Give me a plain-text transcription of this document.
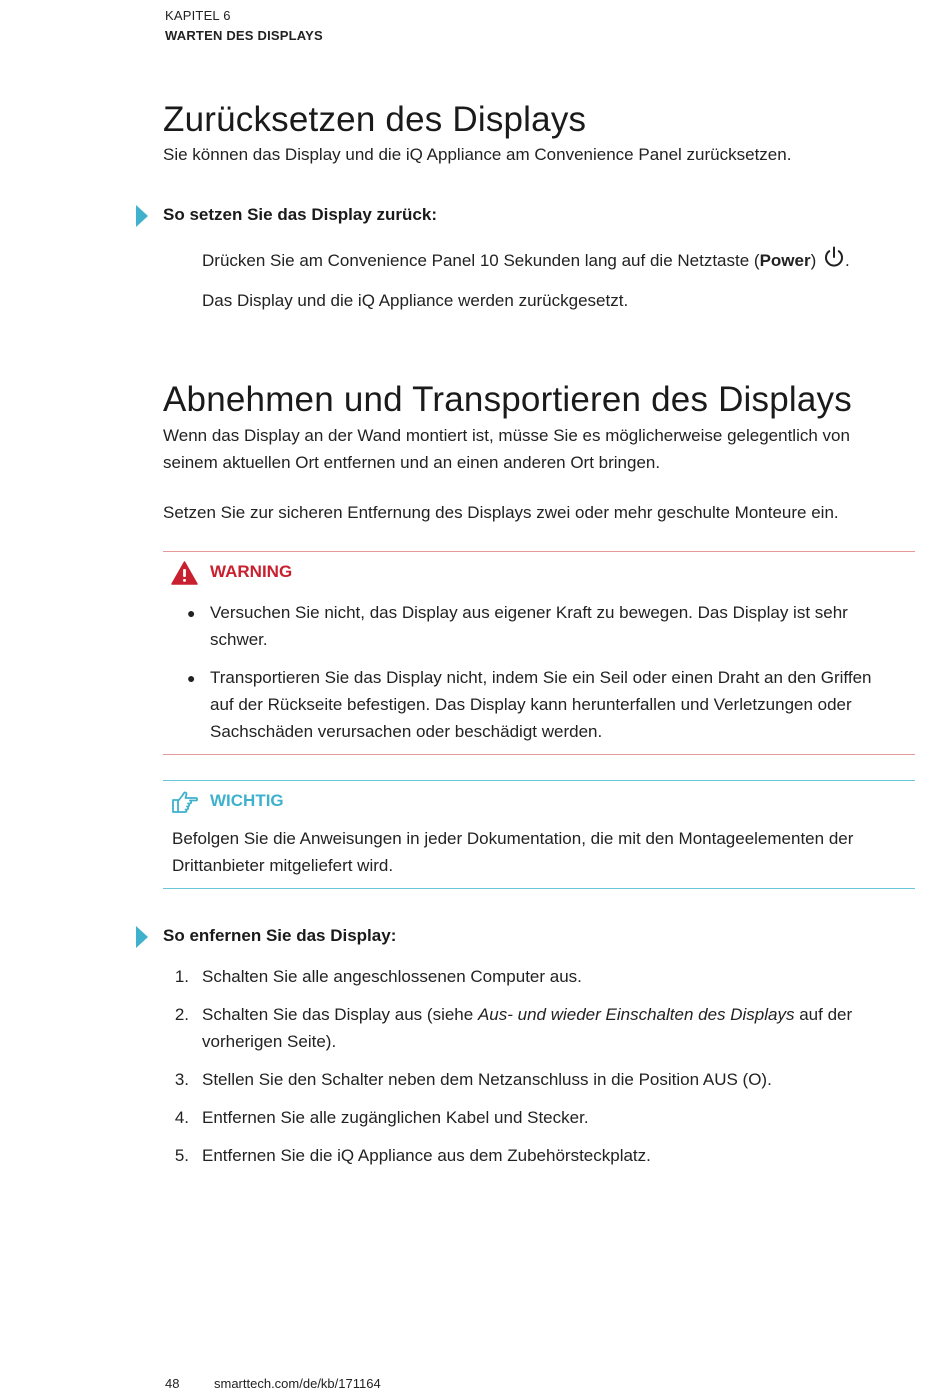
KAPITEL 6
WARTEN DES DISPLAYS
Zurücksetzen des Displays
Sie können das Display und die iQ Appliance am Convenience Panel zurücksetzen.
So setzen Sie das Display zurück:
Drücken Sie am Convenience Panel 10 Sekunden lang auf die Netztaste (Power) .
Das Display und die iQ Appliance werden zurückgesetzt.
Abnehmen und Transportieren des Displays
Wenn das Display an der Wand montiert ist, müsse Sie es möglicherweise gelegentlich von
seinem aktuellen Ort entfernen und an einen anderen Ort bringen.
Setzen Sie zur sicheren Entfernung des Displays zwei oder mehr geschulte Monteure ein.
WARNING
● Versuchen Sie nicht, das Display aus eigener Kraft zu bewegen. Das Display ist sehr
schwer.
● Transportieren Sie das Display nicht, indem Sie ein Seil oder einen Draht an den Griffen
auf der Rückseite befestigen. Das Display kann herunterfallen und Verletzungen oder
Sachschäden verursachen oder beschädigt werden.
WICHTIG
Befolgen Sie die Anweisungen in jeder Dokumentation, die mit den Montageelementen der
Drittanbieter mitgeliefert wird.
So enfernen Sie das Display:
1. Schalten Sie alle angeschlossenen Computer aus.
2. Schalten Sie das Display aus (siehe Aus- und wieder Einschalten des Displays auf der
vorherigen Seite).
3. Stellen Sie den Schalter neben dem Netzanschluss in die Position AUS (O).
4. Entfernen Sie alle zugänglichen Kabel und Stecker.
5. Entfernen Sie die iQ Appliance aus dem Zubehörsteckplatz.
48	smarttech.com/de/kb/171164
